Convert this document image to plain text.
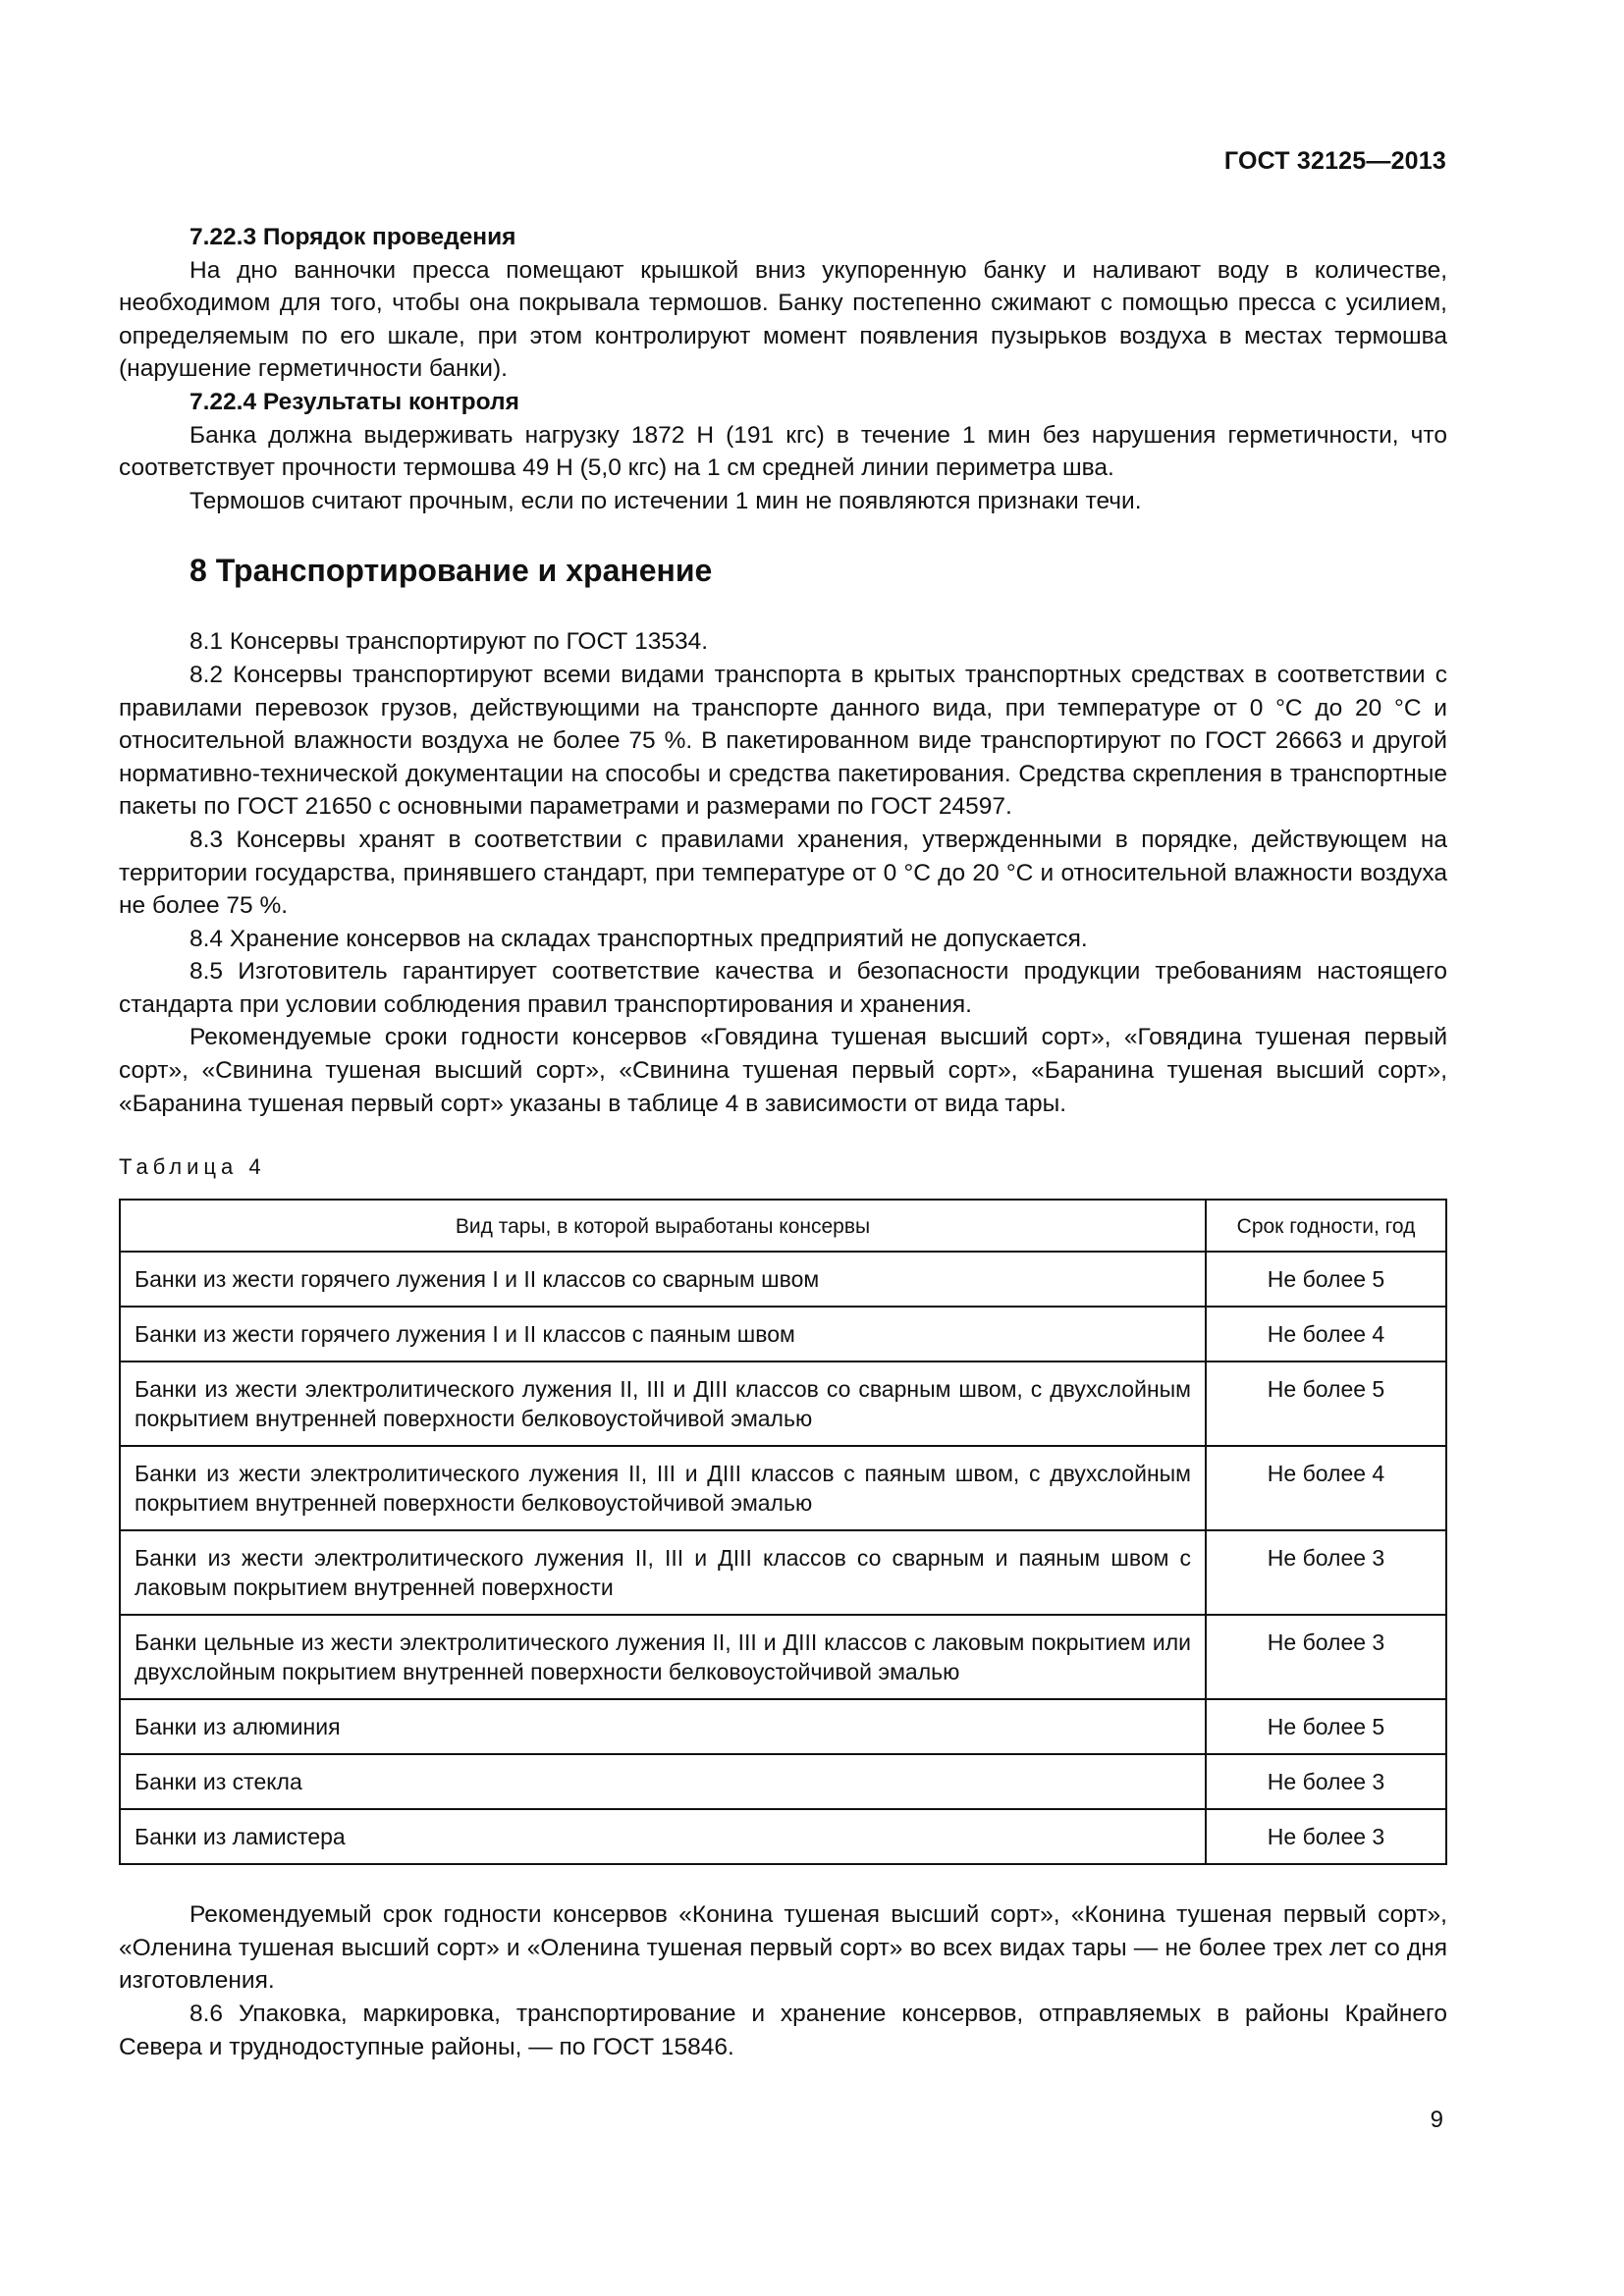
ГОСТ 32125—2013
7.22.3 Порядок проведения

На дно ванночки пресса помещают крышкой вниз укупоренную банку и наливают воду в количестве, необходимом для того, чтобы она покрывала термошов. Банку постепенно сжимают с помощью пресса с усилием, определяемым по его шкале, при этом контролируют момент появления пузырьков воздуха в местах термошва (нарушение герметичности банки).

7.22.4 Результаты контроля

Банка должна выдерживать нагрузку 1872 Н (191 кгс) в течение 1 мин без нарушения герметичности, что соответствует прочности термошва 49 Н (5,0 кгс) на 1 см средней линии периметра шва.

Термошов считают прочным, если по истечении 1 мин не появляются признаки течи.

8 Транспортирование и хранение

8.1 Консервы транспортируют по ГОСТ 13534.

8.2 Консервы транспортируют всеми видами транспорта в крытых транспортных средствах в соответствии с правилами перевозок грузов, действующими на транспорте данного вида, при температуре от 0 °С до 20 °С и относительной влажности воздуха не более 75 %. В пакетированном виде транспортируют по ГОСТ 26663 и другой нормативно-технической документации на способы и средства пакетирования. Средства скрепления в транспортные пакеты по ГОСТ 21650 с основными параметрами и размерами по ГОСТ 24597.

8.3 Консервы хранят в соответствии с правилами хранения, утвержденными в порядке, действующем на территории государства, принявшего стандарт, при температуре от 0 °С до 20 °С и относительной влажности воздуха не более 75 %.

8.4 Хранение консервов на складах транспортных предприятий не допускается.

8.5 Изготовитель гарантирует соответствие качества и безопасности продукции требованиям настоящего стандарта при условии соблюдения правил транспортирования и хранения.

Рекомендуемые сроки годности консервов «Говядина тушеная высший сорт», «Говядина тушеная первый сорт», «Свинина тушеная высший сорт», «Свинина тушеная первый сорт», «Баранина тушеная высший сорт», «Баранина тушеная первый сорт» указаны в таблице 4 в зависимости от вида тары.

Таблица 4
Вид тары, в которой выработаны консервы	Срок годности, год
Банки из жести горячего лужения I и II классов со сварным швом	Не более 5
Банки из жести горячего лужения I и II классов с паяным швом	Не более 4
Банки из жести электролитического лужения II, III и ДIII классов со сварным швом, с двухслойным покрытием внутренней поверхности белковоустойчивой эмалью	Не более 5
Банки из жести электролитического лужения II, III и ДIII классов с паяным швом, с двухслойным покрытием внутренней поверхности белковоустойчивой эмалью	Не более 4
Банки из жести электролитического лужения II, III и ДIII классов со сварным и паяным швом с лаковым покрытием внутренней поверхности	Не более 3
Банки цельные из жести электролитического лужения II, III и ДIII классов с лаковым покрытием или двухслойным покрытием внутренней поверхности белковоустойчивой эмалью	Не более 3
Банки из алюминия	Не более 5
Банки из стекла	Не более 3
Банки из ламистера	Не более 3

Рекомендуемый срок годности консервов «Конина тушеная высший сорт», «Конина тушеная первый сорт», «Оленина тушеная высший сорт» и «Оленина тушеная первый сорт» во всех видах тары — не более трех лет со дня изготовления.

8.6 Упаковка, маркировка, транспортирование и хранение консервов, отправляемых в районы Крайнего Севера и труднодоступные районы, — по ГОСТ 15846.

9
